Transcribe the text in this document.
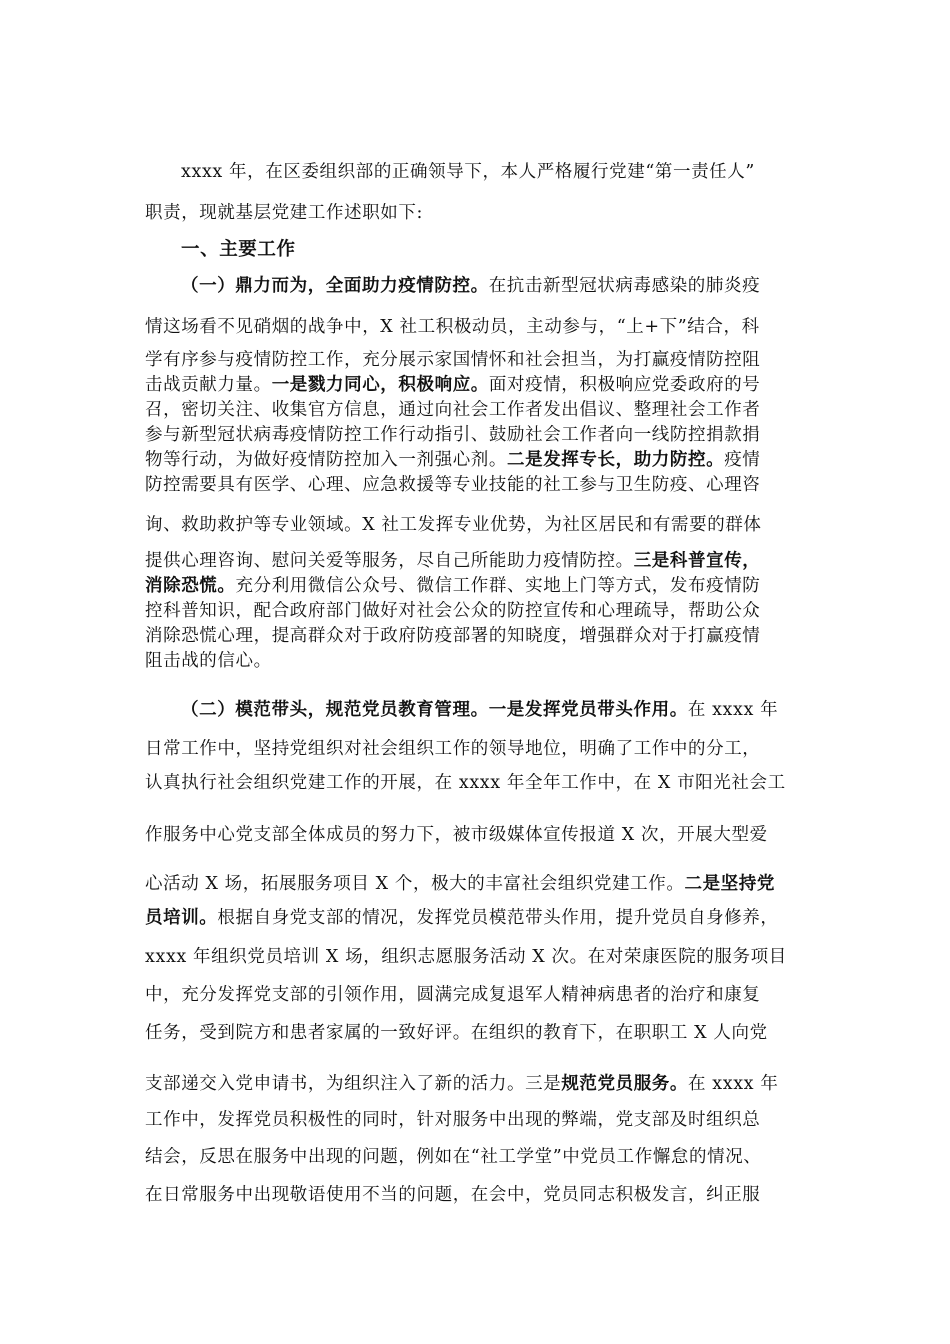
xxxx 年，在区委组织部的正确领导下，本人严格履行党建“第一责任人”
职责，现就基层党建工作述职如下:
一、主要工作
（一）鼎力而为，全面助力疫情防控。在抗击新型冠状病毒感染的肺炎疫
情这场看不见硝烟的战争中，X 社工积极动员，主动参与，“上+下”结合，科
学有序参与疫情防控工作，充分展示家国情怀和社会担当，为打赢疫情防控阻
击战贡献力量。一是戮力同心，积极响应。面对疫情，积极响应党委政府的号
召，密切关注、收集官方信息，通过向社会工作者发出倡议、整理社会工作者
参与新型冠状病毒疫情防控工作行动指引、鼓励社会工作者向一线防控捐款捐
物等行动，为做好疫情防控加入一剂强心剂。二是发挥专长，助力防控。疫情
防控需要具有医学、心理、应急救援等专业技能的社工参与卫生防疫、心理咨
询、救助救护等专业领域。X 社工发挥专业优势，为社区居民和有需要的群体
提供心理咨询、慰问关爱等服务，尽自己所能助力疫情防控。三是科普宣传，
消除恐慌。充分利用微信公众号、微信工作群、实地上门等方式，发布疫情防
控科普知识，配合政府部门做好对社会公众的防控宣传和心理疏导，帮助公众
消除恐慌心理，提高群众对于政府防疫部署的知晓度，增强群众对于打赢疫情
阻击战的信心。
（二）模范带头，规范党员教育管理。一是发挥党员带头作用。在 xxxx 年
日常工作中，坚持党组织对社会组织工作的领导地位，明确了工作中的分工，
认真执行社会组织党建工作的开展，在 xxxx 年全年工作中，在 X 市阳光社会工
作服务中心党支部全体成员的努力下，被市级媒体宣传报道 X 次，开展大型爱
心活动 X 场，拓展服务项目 X 个，极大的丰富社会组织党建工作。二是坚持党
员培训。根据自身党支部的情况，发挥党员模范带头作用，提升党员自身修养，
xxxx 年组织党员培训 X 场，组织志愿服务活动 X 次。在对荣康医院的服务项目
中，充分发挥党支部的引领作用，圆满完成复退军人精神病患者的治疗和康复
任务，受到院方和患者家属的一致好评。在组织的教育下，在职职工 X 人向党
支部递交入党申请书，为组织注入了新的活力。三是规范党员服务。在 xxxx 年
工作中，发挥党员积极性的同时，针对服务中出现的弊端，党支部及时组织总
结会，反思在服务中出现的问题，例如在“社工学堂”中党员工作懈怠的情况、
在日常服务中出现敬语使用不当的问题，在会中，党员同志积极发言，纠正服
